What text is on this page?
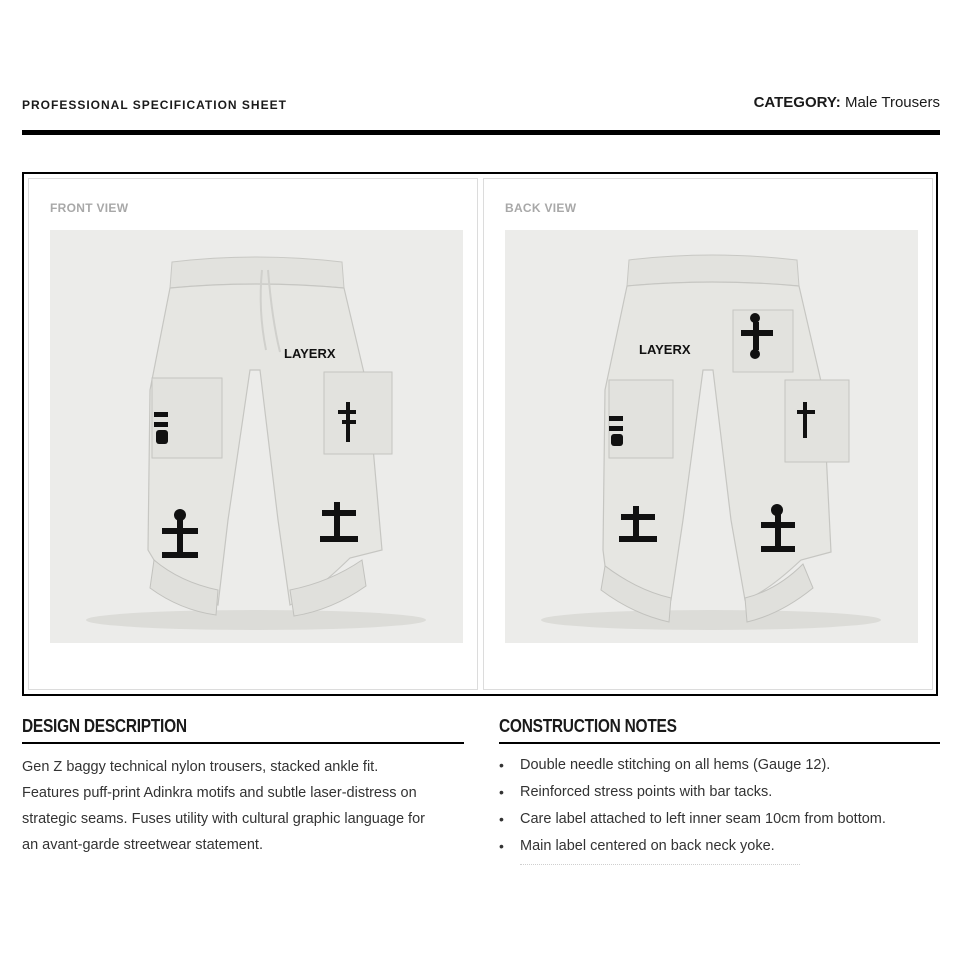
PROFESSIONAL SPECIFICATION SHEET	CATEGORY: Male Trousers
FRONT VIEW
LAYERX
BACK VIEW
LAYERX
DESIGN DESCRIPTION

Gen Z baggy technical nylon trousers, stacked ankle fit.
Features puff-print Adinkra motifs and subtle laser-distress on
strategic seams. Fuses utility with cultural graphic language for
an avant-garde streetwear statement.

CONSTRUCTION NOTES
• Double needle stitching on all hems (Gauge 12).
• Reinforced stress points with bar tacks.
• Care label attached to left inner seam 10cm from bottom.
• Main label centered on back neck yoke.
